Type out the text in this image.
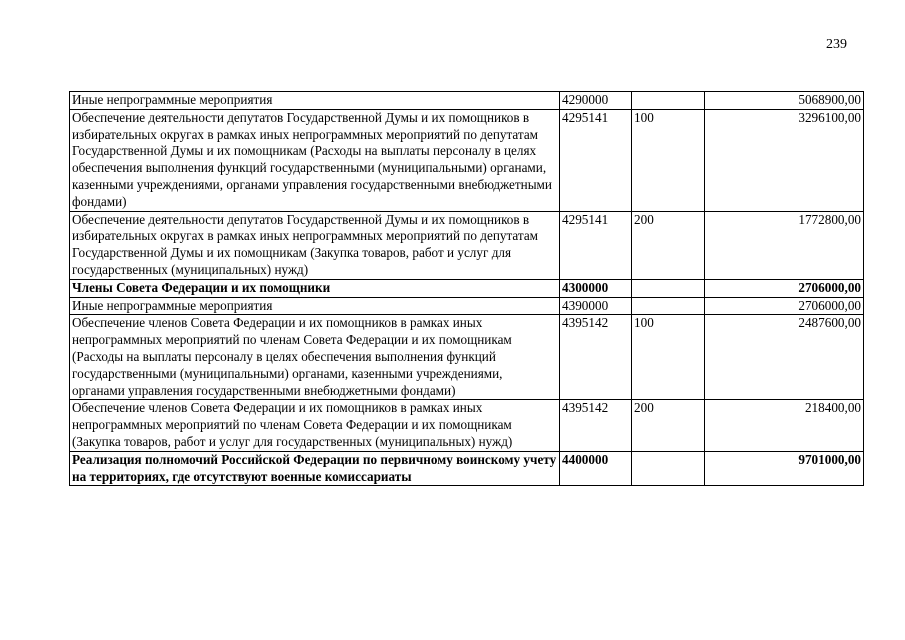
239
Иные непрограммные мероприятия	4290000		5068900,00
Обеспечение деятельности депутатов Государственной Думы и их помощников в избирательных округах в рамках иных непрограммных мероприятий по депутатам Государственной Думы и их помощникам (Расходы на выплаты персоналу в целях обеспечения выполнения функций государственными (муниципальными) органами, казенными учреждениями, органами управления государственными внебюджетными фондами)	4295141	100	3296100,00
Обеспечение деятельности депутатов Государственной Думы и их помощников в избирательных округах в рамках иных непрограммных мероприятий по депутатам Государственной Думы и их помощникам (Закупка товаров, работ и услуг для государственных (муниципальных) нужд)	4295141	200	1772800,00
Члены Совета Федерации и их помощники	4300000		2706000,00
Иные непрограммные мероприятия	4390000		2706000,00
Обеспечение членов Совета Федерации и их помощников в рамках иных непрограммных мероприятий по членам Совета Федерации и их помощникам (Расходы на выплаты персоналу в целях обеспечения выполнения функций государственными (муниципальными) органами, казенными учреждениями, органами управления государственными внебюджетными фондами)	4395142	100	2487600,00
Обеспечение членов Совета Федерации и их помощников в рамках иных непрограммных мероприятий по членам Совета Федерации и их помощникам (Закупка товаров, работ и услуг для государственных (муниципальных) нужд)	4395142	200	218400,00
Реализация полномочий Российской Федерации по первичному воинскому учету на территориях, где отсутствуют военные комиссариаты	4400000		9701000,00
